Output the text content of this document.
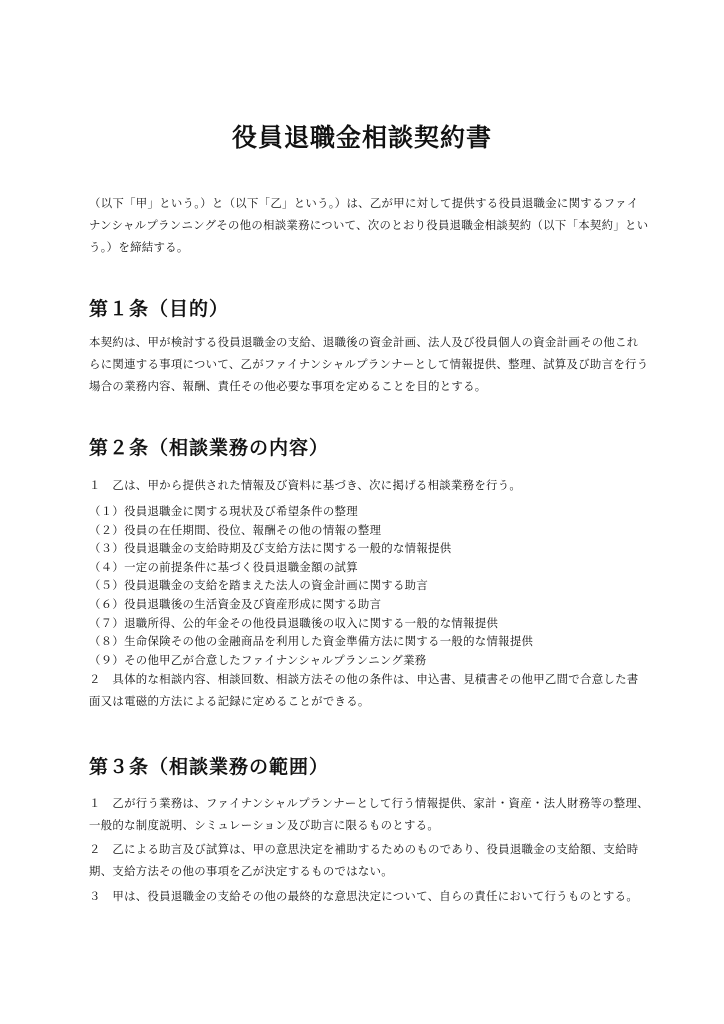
役員退職金相談契約書

（以下「甲」という。）と（以下「乙」という。）は、乙が甲に対して提供する役員退職金に関するファイナンシャルプランニングその他の相談業務について、次のとおり役員退職金相談契約（以下「本契約」という。）を締結する。

第１条（目的）

本契約は、甲が検討する役員退職金の支給、退職後の資金計画、法人及び役員個人の資金計画その他これらに関連する事項について、乙がファイナンシャルプランナーとして情報提供、整理、試算及び助言を行う場合の業務内容、報酬、責任その他必要な事項を定めることを目的とする。

第２条（相談業務の内容）

１　乙は、甲から提供された情報及び資料に基づき、次に掲げる相談業務を行う。

（１）役員退職金に関する現状及び希望条件の整理
（２）役員の在任期間、役位、報酬その他の情報の整理
（３）役員退職金の支給時期及び支給方法に関する一般的な情報提供
（４）一定の前提条件に基づく役員退職金額の試算
（５）役員退職金の支給を踏まえた法人の資金計画に関する助言
（６）役員退職後の生活資金及び資産形成に関する助言
（７）退職所得、公的年金その他役員退職後の収入に関する一般的な情報提供
（８）生命保険その他の金融商品を利用した資金準備方法に関する一般的な情報提供
（９）その他甲乙が合意したファイナンシャルプランニング業務

２　具体的な相談内容、相談回数、相談方法その他の条件は、申込書、見積書その他甲乙間で合意した書面又は電磁的方法による記録に定めることができる。

第３条（相談業務の範囲）

１　乙が行う業務は、ファイナンシャルプランナーとして行う情報提供、家計・資産・法人財務等の整理、一般的な制度説明、シミュレーション及び助言に限るものとする。

２　乙による助言及び試算は、甲の意思決定を補助するためのものであり、役員退職金の支給額、支給時期、支給方法その他の事項を乙が決定するものではない。

３　甲は、役員退職金の支給その他の最終的な意思決定について、自らの責任において行うものとする。
